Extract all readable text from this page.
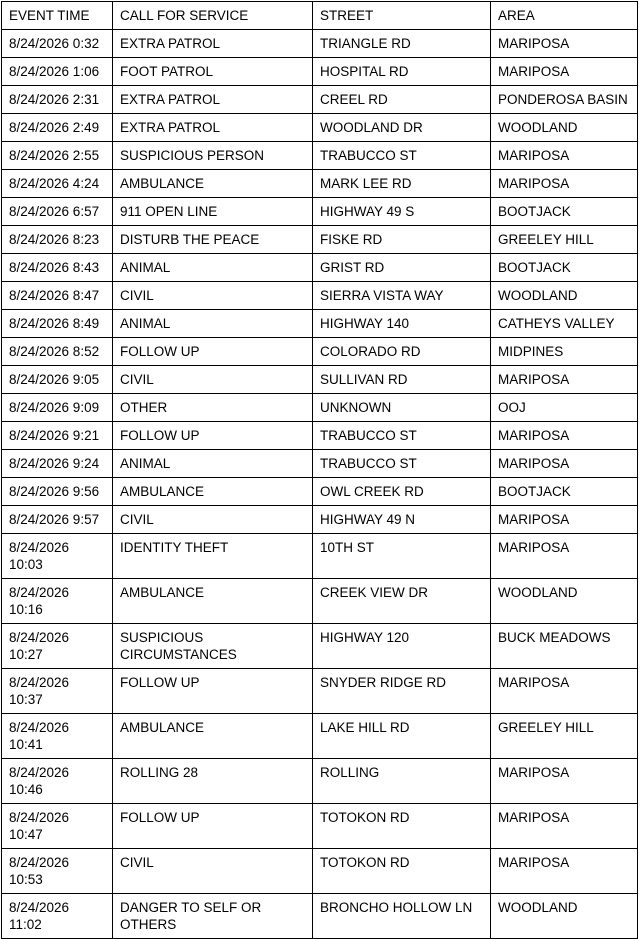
EVENT TIME	CALL FOR SERVICE	STREET	AREA
8/24/2026 0:32	EXTRA PATROL	TRIANGLE RD	MARIPOSA
8/24/2026 1:06	FOOT PATROL	HOSPITAL RD	MARIPOSA
8/24/2026 2:31	EXTRA PATROL	CREEL RD	PONDEROSA BASIN
8/24/2026 2:49	EXTRA PATROL	WOODLAND DR	WOODLAND
8/24/2026 2:55	SUSPICIOUS PERSON	TRABUCCO ST	MARIPOSA
8/24/2026 4:24	AMBULANCE	MARK LEE RD	MARIPOSA
8/24/2026 6:57	911 OPEN LINE	HIGHWAY 49 S	BOOTJACK
8/24/2026 8:23	DISTURB THE PEACE	FISKE RD	GREELEY HILL
8/24/2026 8:43	ANIMAL	GRIST RD	BOOTJACK
8/24/2026 8:47	CIVIL	SIERRA VISTA WAY	WOODLAND
8/24/2026 8:49	ANIMAL	HIGHWAY 140	CATHEYS VALLEY
8/24/2026 8:52	FOLLOW UP	COLORADO RD	MIDPINES
8/24/2026 9:05	CIVIL	SULLIVAN RD	MARIPOSA
8/24/2026 9:09	OTHER	UNKNOWN	OOJ
8/24/2026 9:21	FOLLOW UP	TRABUCCO ST	MARIPOSA
8/24/2026 9:24	ANIMAL	TRABUCCO ST	MARIPOSA
8/24/2026 9:56	AMBULANCE	OWL CREEK RD	BOOTJACK
8/24/2026 9:57	CIVIL	HIGHWAY 49 N	MARIPOSA
8/24/2026 10:03	IDENTITY THEFT	10TH ST	MARIPOSA
8/24/2026 10:16	AMBULANCE	CREEK VIEW DR	WOODLAND
8/24/2026 10:27	SUSPICIOUS CIRCUMSTANCES	HIGHWAY 120	BUCK MEADOWS
8/24/2026 10:37	FOLLOW UP	SNYDER RIDGE RD	MARIPOSA
8/24/2026 10:41	AMBULANCE	LAKE HILL RD	GREELEY HILL
8/24/2026 10:46	ROLLING 28	ROLLING	MARIPOSA
8/24/2026 10:47	FOLLOW UP	TOTOKON RD	MARIPOSA
8/24/2026 10:53	CIVIL	TOTOKON RD	MARIPOSA
8/24/2026 11:02	DANGER TO SELF OR OTHERS	BRONCHO HOLLOW LN	WOODLAND
